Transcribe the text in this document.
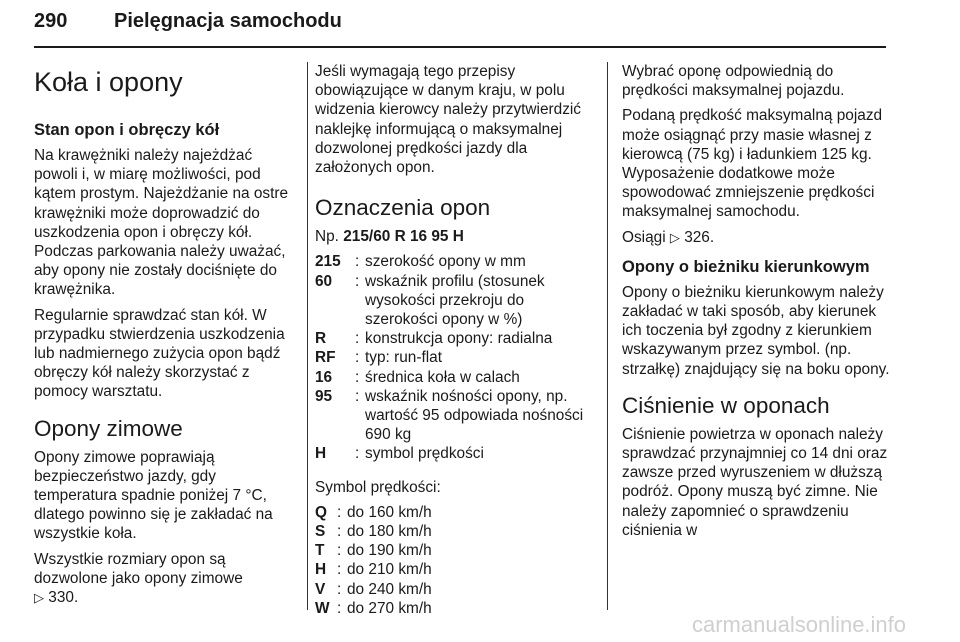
290 Pielęgnacja samochodu
Koła i opony
Stan opon i obręczy kół

Na krawężniki należy najeżdżać powoli i, w miarę możliwości, pod kątem prostym. Najeżdżanie na ostre krawężniki może doprowadzić do uszkodzenia opon i obręczy kół. Podczas parkowania należy uważać, aby opony nie zostały dociśnięte do krawężnika.

Regularnie sprawdzać stan kół. W przypadku stwierdzenia uszkodzenia lub nadmiernego zużycia opon bądź obręczy kół należy skorzystać z pomocy warsztatu.

Opony zimowe

Opony zimowe poprawiają bezpieczeństwo jazdy, gdy temperatura spadnie poniżej 7 °C, dlatego powinno się je zakładać na wszystkie koła.

Wszystkie rozmiary opon są dozwolone jako opony zimowe
▷ 330.

Jeśli wymagają tego przepisy obowiązujące w danym kraju, w polu widzenia kierowcy należy przytwierdzić naklejkę informującą o maksymalnej dozwolonej prędkości jazdy dla założonych opon.

Oznaczenia opon

Np. 215/60 R 16 95 H

215 : szerokość opony w mm
60	: wskaźnik profilu (stosunek wysokości przekroju do szerokości opony w %)
R	: konstrukcja opony: radialna
RF	: typ: run-flat
16	: średnica koła w calach
95	: wskaźnik nośności opony, np. wartość 95 odpowiada nośności 690 kg
H	: symbol prędkości

Symbol prędkości:

Q : do 160 km/h
S : do 180 km/h
T : do 190 km/h
H : do 210 km/h
V : do 240 km/h
W : do 270 km/h

Wybrać oponę odpowiednią do prędkości maksymalnej pojazdu.

Podaną prędkość maksymalną pojazd może osiągnąć przy masie własnej z kierowcą (75 kg) i ładunkiem 125 kg. Wyposażenie dodatkowe może spowodować zmniejszenie prędkości maksymalnej samochodu.

Osiągi ▷ 326.

Opony o bieżniku kierunkowym

Opony o bieżniku kierunkowym należy zakładać w taki sposób, aby kierunek ich toczenia był zgodny z kierunkiem wskazywanym przez symbol. (np. strzałkę) znajdujący się na boku opony.

Ciśnienie w oponach

Ciśnienie powietrza w oponach należy sprawdzać przynajmniej co 14 dni oraz zawsze przed wyruszeniem w dłuższą podróż. Opony muszą być zimne. Nie należy zapomnieć o sprawdzeniu ciśnienia w

carmanualsonline.info
